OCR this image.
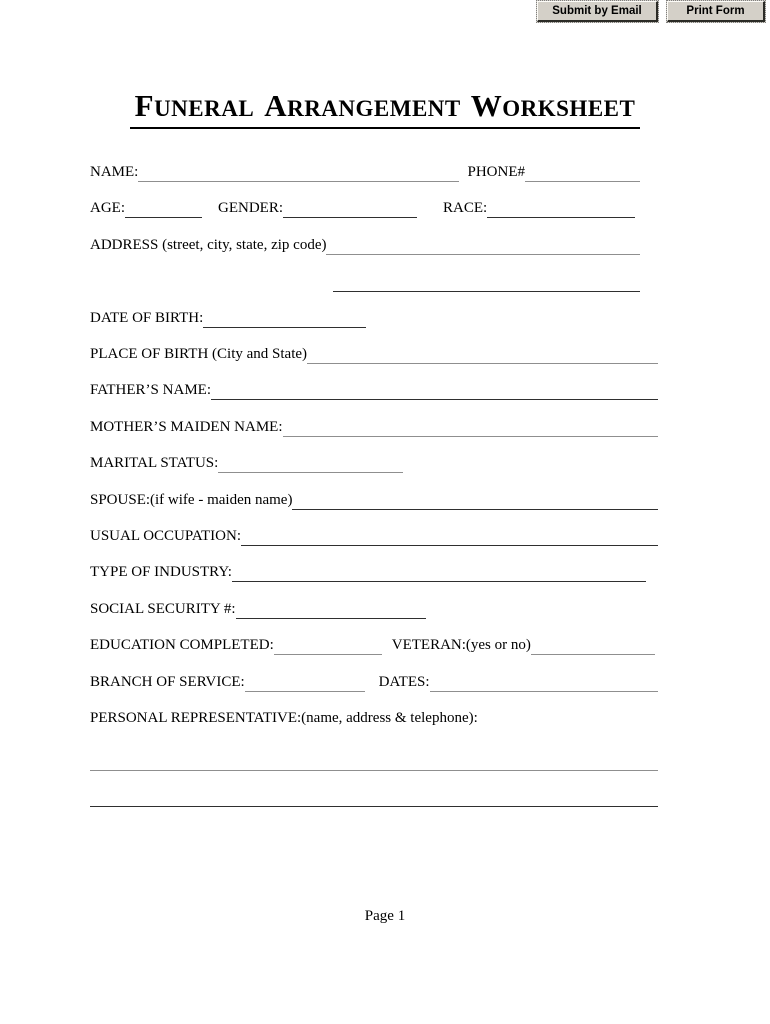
Submit by Email	Print Form
FUNERAL ARRANGEMENT WORKSHEET
NAME:	PHONE#
AGE:	GENDER:	RACE:
ADDRESS (street, city, state, zip code)
DATE OF BIRTH:
PLACE OF BIRTH (City and State)
FATHER’S NAME:
MOTHER’S MAIDEN NAME:
MARITAL STATUS:
SPOUSE:(if wife - maiden name)
USUAL OCCUPATION:
TYPE OF INDUSTRY:
SOCIAL SECURITY #:
EDUCATION COMPLETED:	VETERAN:(yes or no)
BRANCH OF SERVICE:	DATES:
PERSONAL REPRESENTATIVE:(name, address & telephone):
Page 1
